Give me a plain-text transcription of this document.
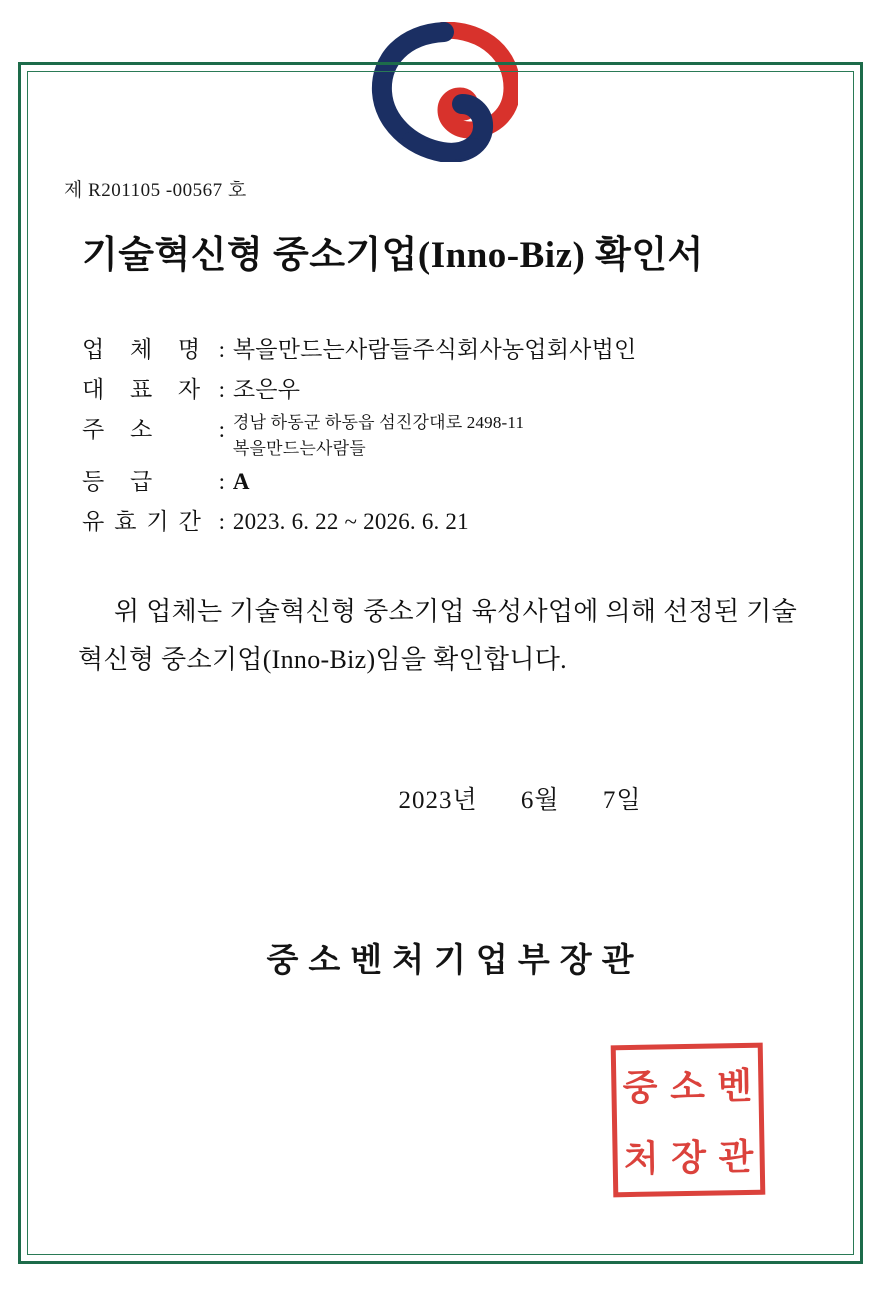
제 R201105 -00567 호
기술혁신형 중소기업(Inno-Biz) 확인서
업 체 명	:	복을만드는사람들주식회사농업회사법인
대 표 자	:	조은우
주 소	:	경남 하동군 하동읍 섬진강대로 2498-11
복을만드는사람들

등 급	:	A
유효기간	:	2023. 6. 22 ~ 2026. 6. 21
위 업체는 기술혁신형 중소기업 육성사업에 의해 선정된 기술혁신형 중소기업(Inno-Biz)임을 확인합니다.
2023년 6월 7일
중소벤처기업부장관
중 소 벤
처 장 관
